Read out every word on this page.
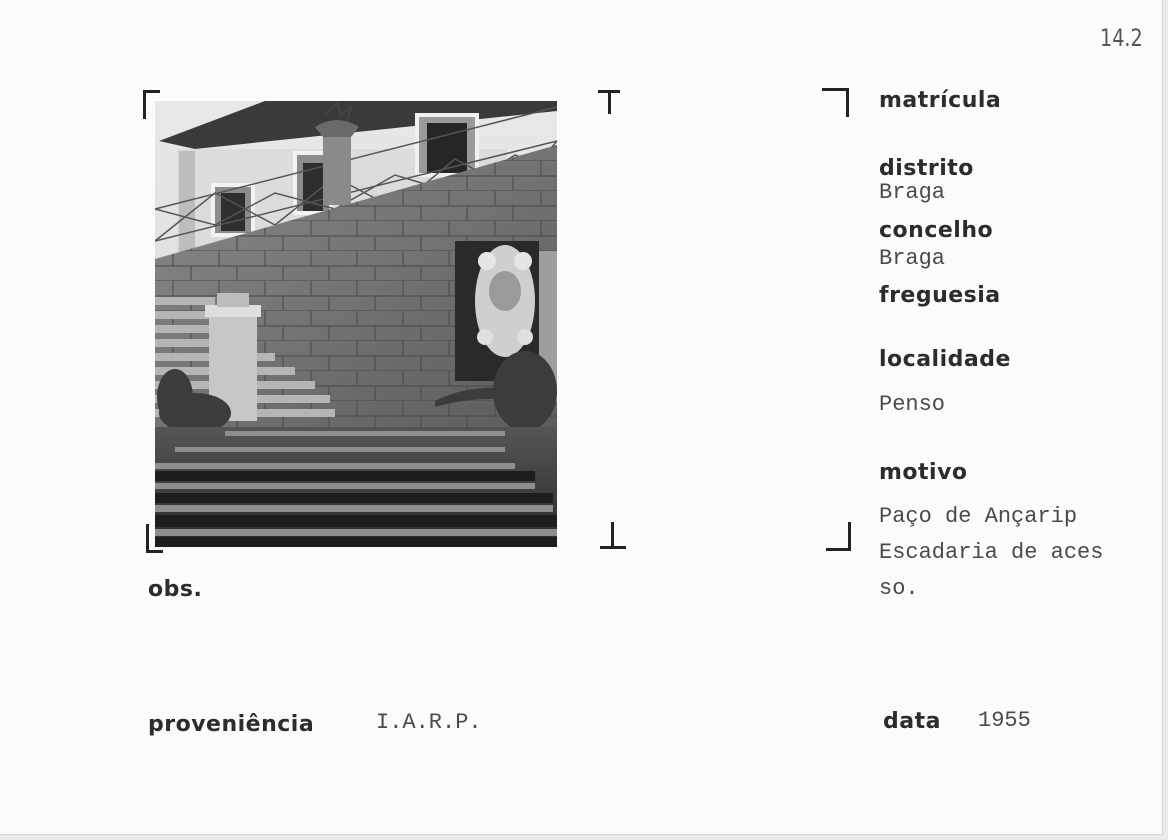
14.2
matrícula
distrito
Braga
concelho
Braga
freguesia
localidade
Penso
motivo
Paço de Ançarip
Escadaria de aces
so.
obs.
proveniência	I.A.R.P.	data 1955
